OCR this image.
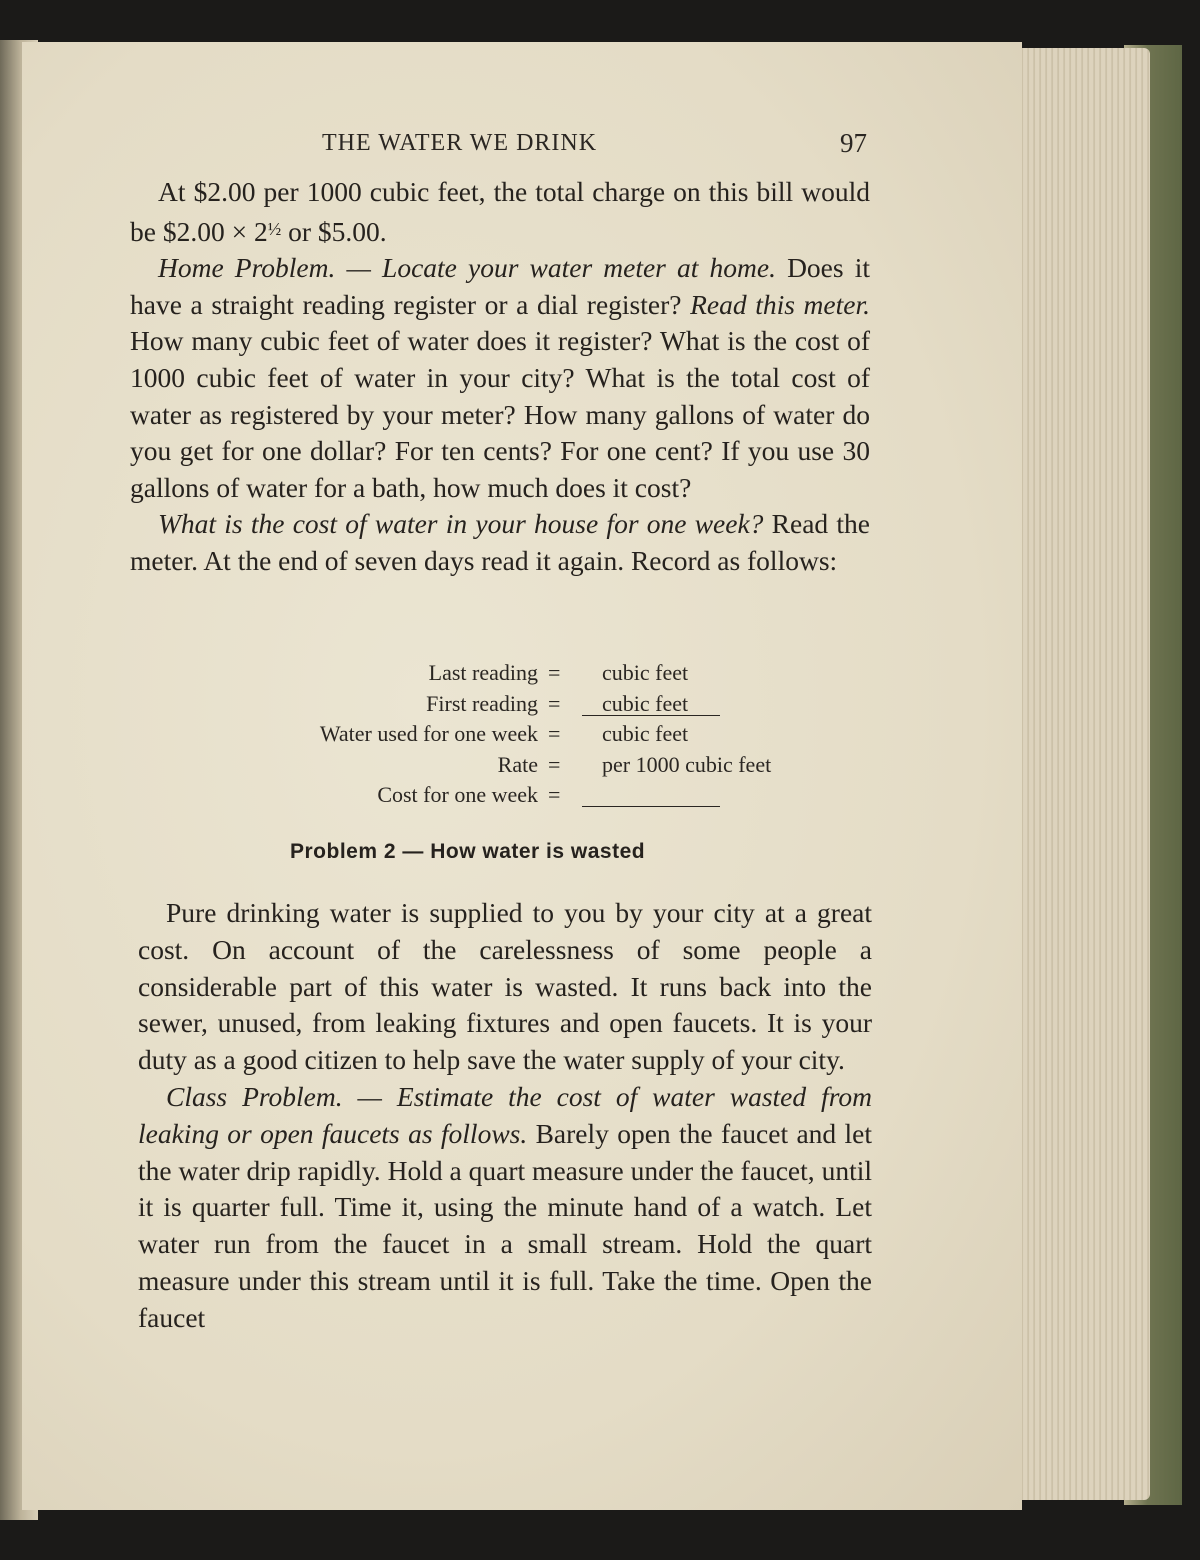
THE WATER WE DRINK	97

At $2.00 per 1000 cubic feet, the total charge on this bill would be $2.00 × $2^{\frac{1}{2}}$ or $5.00.

Home Problem. — Locate your water meter at home. Does it have a straight reading register or a dial register? Read this meter. How many cubic feet of water does it register? What is the cost of 1000 cubic feet of water in your city? What is the total cost of water as registered by your meter? How many gallons of water do you get for one dollar? For ten cents? For one cent? If you use 30 gallons of water for a bath, how much does it cost?

What is the cost of water in your house for one week? Read the meter. At the end of seven days read it again. Record as follows:

Last reading = cubic feet
First reading = cubic feet
Water used for one week = cubic feet
Rate = per 1000 cubic feet
Cost for one week =
Problem 2 — How water is wasted

Pure drinking water is supplied to you by your city at a great cost. On account of the carelessness of some people a considerable part of this water is wasted. It runs back into the sewer, unused, from leaking fixtures and open faucets. It is your duty as a good citizen to help save the water supply of your city.

Class Problem. — Estimate the cost of water wasted from leaking or open faucets as follows. Barely open the faucet and let the water drip rapidly. Hold a quart measure under the faucet, until it is quarter full. Time it, using the minute hand of a watch. Let water run from the faucet in a small stream. Hold the quart measure under this stream until it is full. Take the time. Open the faucet
